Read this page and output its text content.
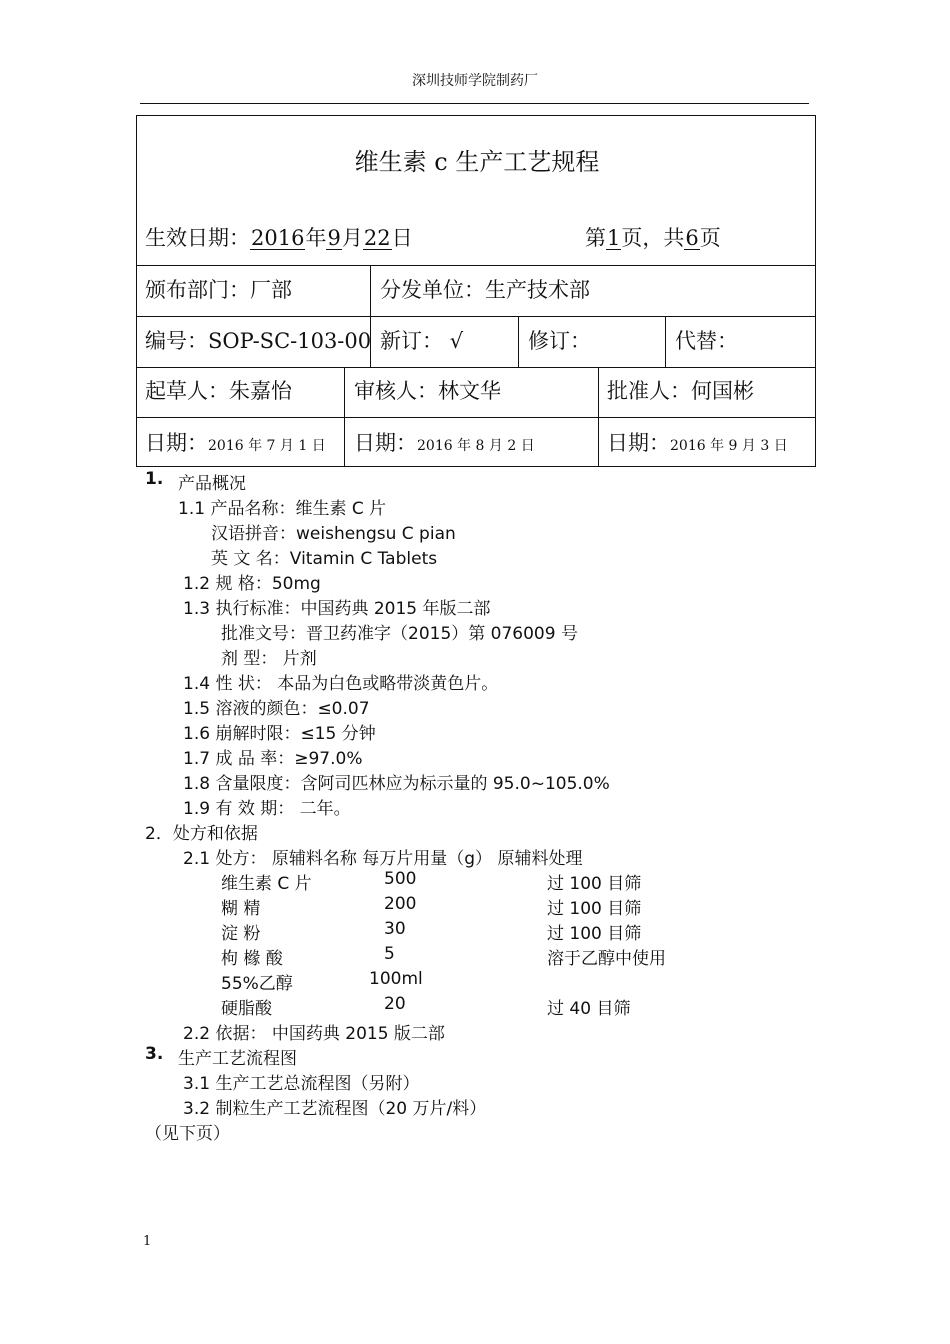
深圳技师学院制药厂
维生素 c 生产工艺规程
生效日期：2016年9月22日	第1页，共6页
颁布部门：厂部	分发单位：生产技术部
编号：SOP-SC-103-00 新订： √	修订：	代替：
起草人：朱嘉怡	审核人：林文华	批准人：何国彬
日期：2016 年 7 月 1 日 日期：2016 年 8 月 2 日	日期：2016 年 9 月 3 日
1. 产品概况
1.1 产品名称：维生素 C 片
汉语拼音：weishengsu C pian
英 文 名：Vitamin C Tablets
1.2 规 格：50mg
1.3 执行标准：中国药典 2015 年版二部
批准文号：晋卫药准字（2015）第 076009 号
剂 型： 片剂
1.4 性 状： 本品为白色或略带淡黄色片。
1.5 溶液的颜色：≤0.07
1.6 崩解时限：≤15 分钟
1.7 成 品 率：≥97.0%
1.8 含量限度：含阿司匹林应为标示量的 95.0~105.0%
1.9 有 效 期： 二年。
2．处方和依据
2.1 处方： 原辅料名称 每万片用量（g） 原辅料处理
维生素 C 片	500	过 100 目筛
糊 精	200	过 100 目筛
淀 粉	30	过 100 目筛
枸 橼 酸	5	溶于乙醇中使用
55%乙醇	100ml
硬脂酸	20	过 40 目筛
2.2 依据： 中国药典 2015 版二部
3. 生产工艺流程图
3.1 生产工艺总流程图（另附）
3.2 制粒生产工艺流程图（20 万片/料）
（见下页）
1
